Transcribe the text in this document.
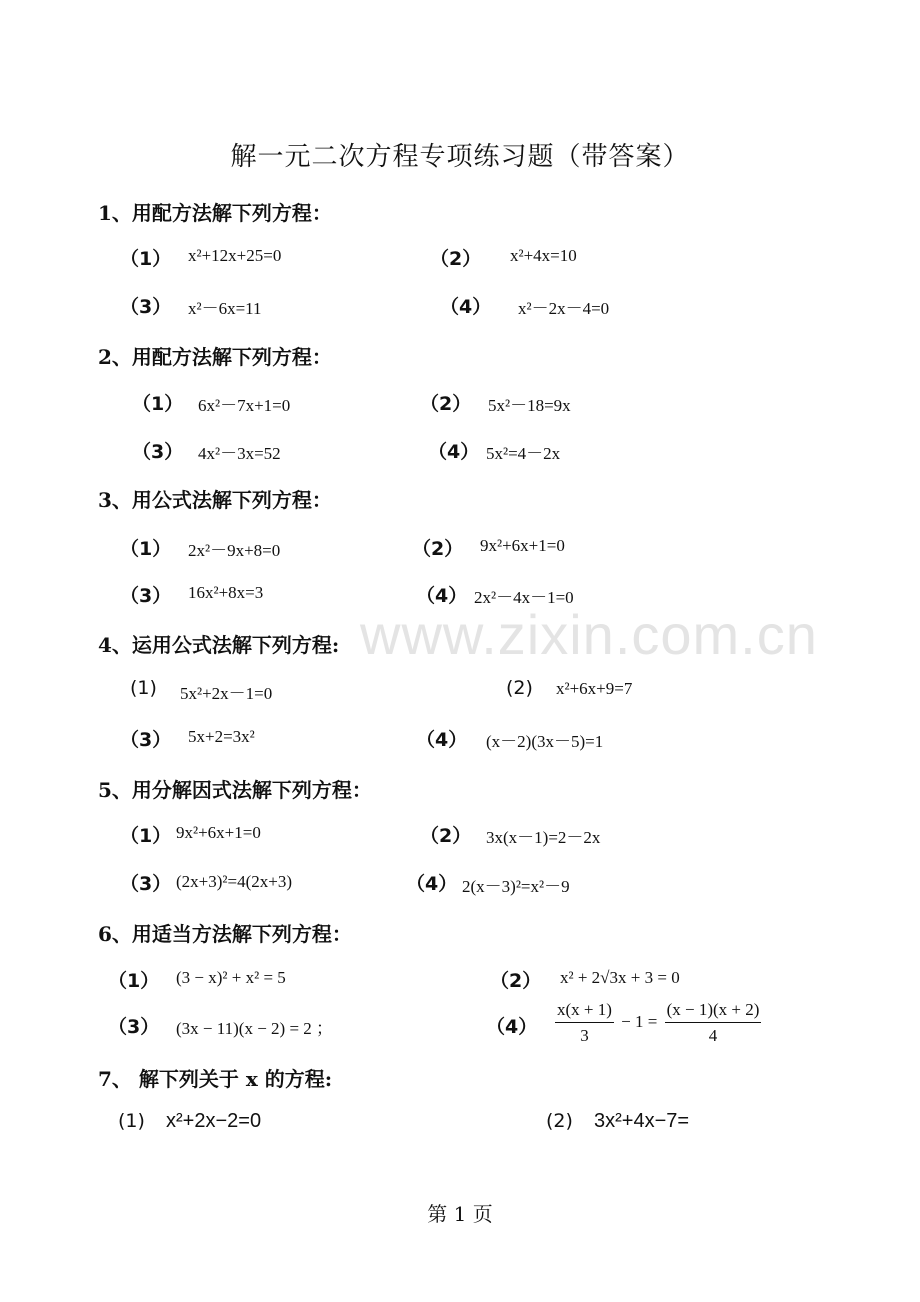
www.zixin.com.cn
解一元二次方程专项练习题（带答案）
1、用配方法解下列方程：
（1） x²+12x+25=0	（2） x²+4x=10
（3） x²－6x=11	（4） x²－2x－4=0
2、用配方法解下列方程：
（1） 6x²－7x+1=0	（2） 5x²－18=9x
（3） 4x²－3x=52	（4） 5x²=4－2x
3、用公式法解下列方程：
（1） 2x²－9x+8=0	（2） 9x²+6x+1=0
（3） 16x²+8x=3	（4） 2x²－4x－1=0
4、运用公式法解下列方程:
(1) 5x²+2x－1=0	(2) x²+6x+9=7
（3） 5x+2=3x²	（4） (x－2)(3x－5)=1
5、用分解因式法解下列方程：
（1） 9x²+6x+1=0	（2） 3x(x－1)=2－2x
（3） (2x+3)²=4(2x+3)	（4） 2(x－3)²=x²－9
6、用适当方法解下列方程：
（1） (3 − x)² + x² = 5	（2） x² + 2√3x + 3 = 0
（3） (3x − 11)(x − 2) = 2 ；	$(4) \frac{x(x + 1)}{3} - 1 = \frac{(x - 1)(x + 2)}{4}$
7、 解下列关于 x 的方程:
(1) x²+2x−2=0	(2) 3x²+4x−7=
第 1 页
